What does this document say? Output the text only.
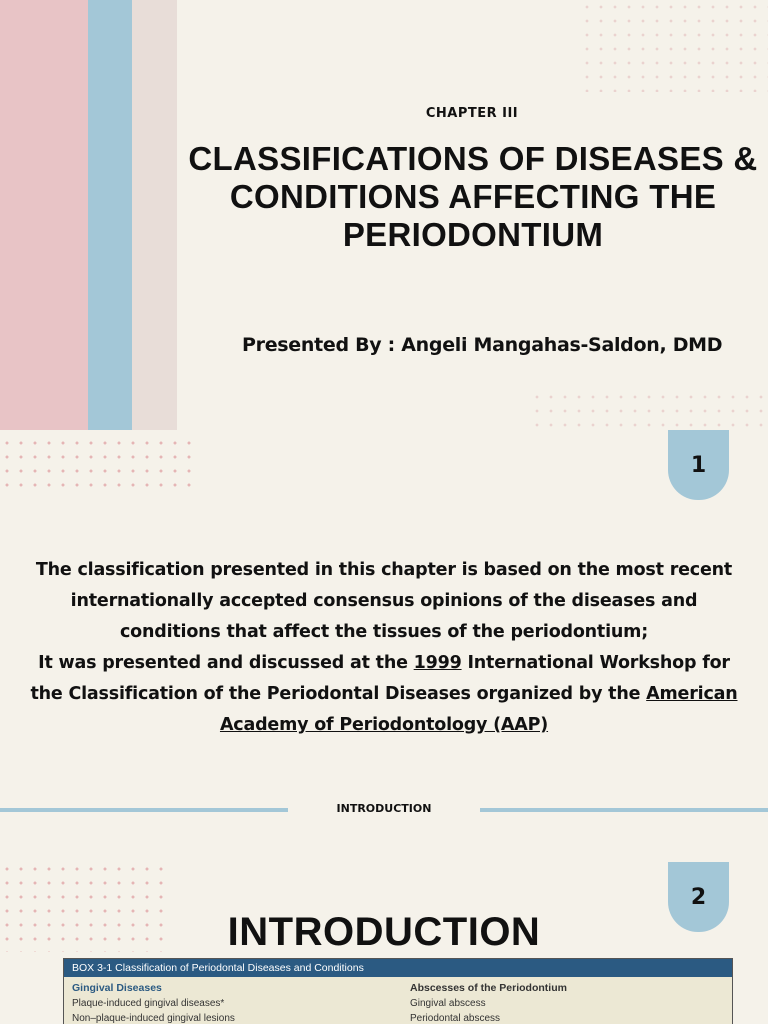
CHAPTER III
CLASSIFICATIONS OF DISEASES & CONDITIONS AFFECTING THE PERIODONTIUM
Presented By : Angeli Mangahas-Saldon, DMD
1

The classification presented in this chapter is based on the most recent internationally accepted consensus opinions of the diseases and conditions that affect the tissues of the periodontium;
It was presented and discussed at the 1999 International Workshop for the Classification of the Periodontal Diseases organized by the American Academy of Periodontology (AAP)

INTRODUCTION
2
INTRODUCTION
BOX 3-1 Classification of Periodontal Diseases and Conditions
Gingival Diseases
Plaque-induced gingival diseases*
Non–plaque-induced gingival lesions
Abscesses of the Periodontium
Gingival abscess
Periodontal abscess
